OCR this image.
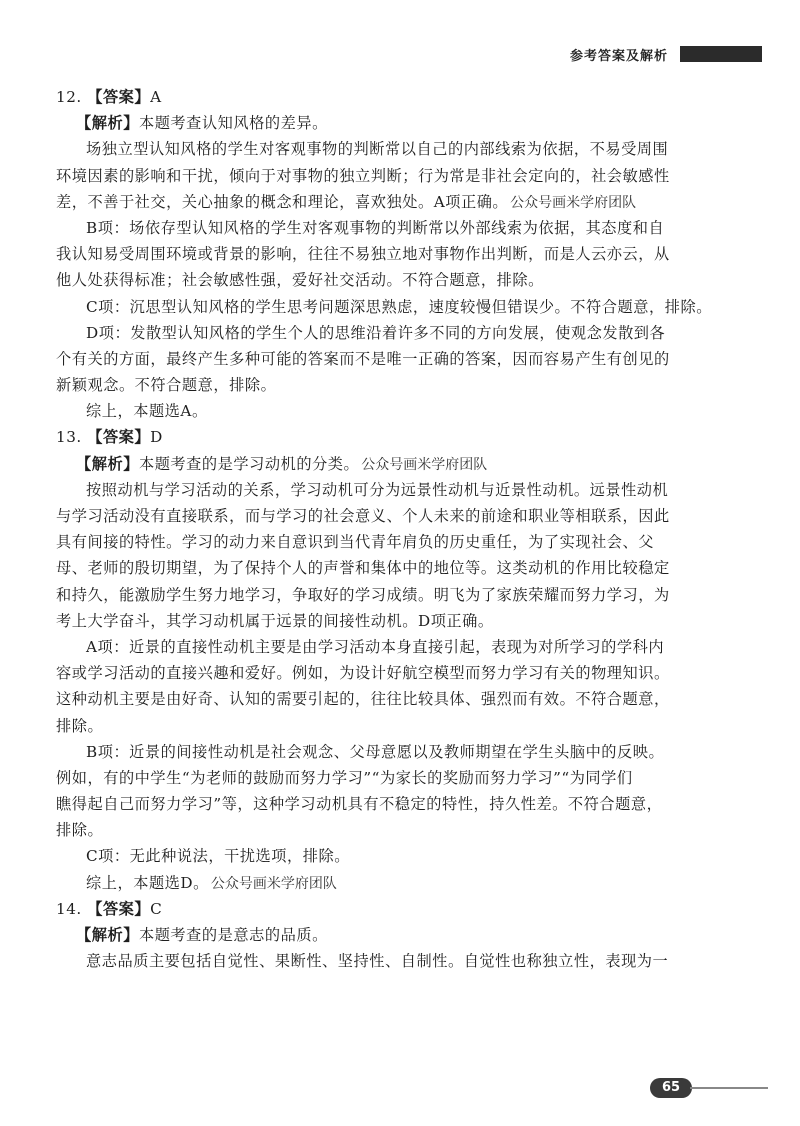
参考答案及解析
12. 【答案】A
【解析】本题考查认知风格的差异。
场独立型认知风格的学生对客观事物的判断常以自己的内部线索为依据，不易受周围
环境因素的影响和干扰，倾向于对事物的独立判断；行为常是非社会定向的，社会敏感性
差，不善于社交，关心抽象的概念和理论，喜欢独处。A项正确。 公众号画米学府团队
B项：场依存型认知风格的学生对客观事物的判断常以外部线索为依据，其态度和自
我认知易受周围环境或背景的影响，往往不易独立地对事物作出判断，而是人云亦云，从
他人处获得标准；社会敏感性强，爱好社交活动。不符合题意，排除。
C项：沉思型认知风格的学生思考问题深思熟虑，速度较慢但错误少。不符合题意，排除。
D项：发散型认知风格的学生个人的思维沿着许多不同的方向发展，使观念发散到各
个有关的方面，最终产生多种可能的答案而不是唯一正确的答案，因而容易产生有创见的
新颖观念。不符合题意，排除。
综上，本题选A。
13. 【答案】D
【解析】本题考查的是学习动机的分类。 公众号画米学府团队
按照动机与学习活动的关系，学习动机可分为远景性动机与近景性动机。远景性动机
与学习活动没有直接联系，而与学习的社会意义、个人未来的前途和职业等相联系，因此
具有间接的特性。学习的动力来自意识到当代青年肩负的历史重任，为了实现社会、父
母、老师的殷切期望，为了保持个人的声誉和集体中的地位等。这类动机的作用比较稳定
和持久，能激励学生努力地学习，争取好的学习成绩。明飞为了家族荣耀而努力学习，为
考上大学奋斗，其学习动机属于远景的间接性动机。D项正确。
A项：近景的直接性动机主要是由学习活动本身直接引起，表现为对所学习的学科内
容或学习活动的直接兴趣和爱好。例如，为设计好航空模型而努力学习有关的物理知识。
这种动机主要是由好奇、认知的需要引起的，往往比较具体、强烈而有效。不符合题意，
排除。
B项：近景的间接性动机是社会观念、父母意愿以及教师期望在学生头脑中的反映。
例如，有的中学生“为老师的鼓励而努力学习”“为家长的奖励而努力学习”“为同学们
瞧得起自己而努力学习”等，这种学习动机具有不稳定的特性，持久性差。不符合题意，
排除。
C项：无此种说法，干扰选项，排除。
综上，本题选D。 公众号画米学府团队
14. 【答案】C
【解析】本题考查的是意志的品质。
意志品质主要包括自觉性、果断性、坚持性、自制性。自觉性也称独立性，表现为一
65
